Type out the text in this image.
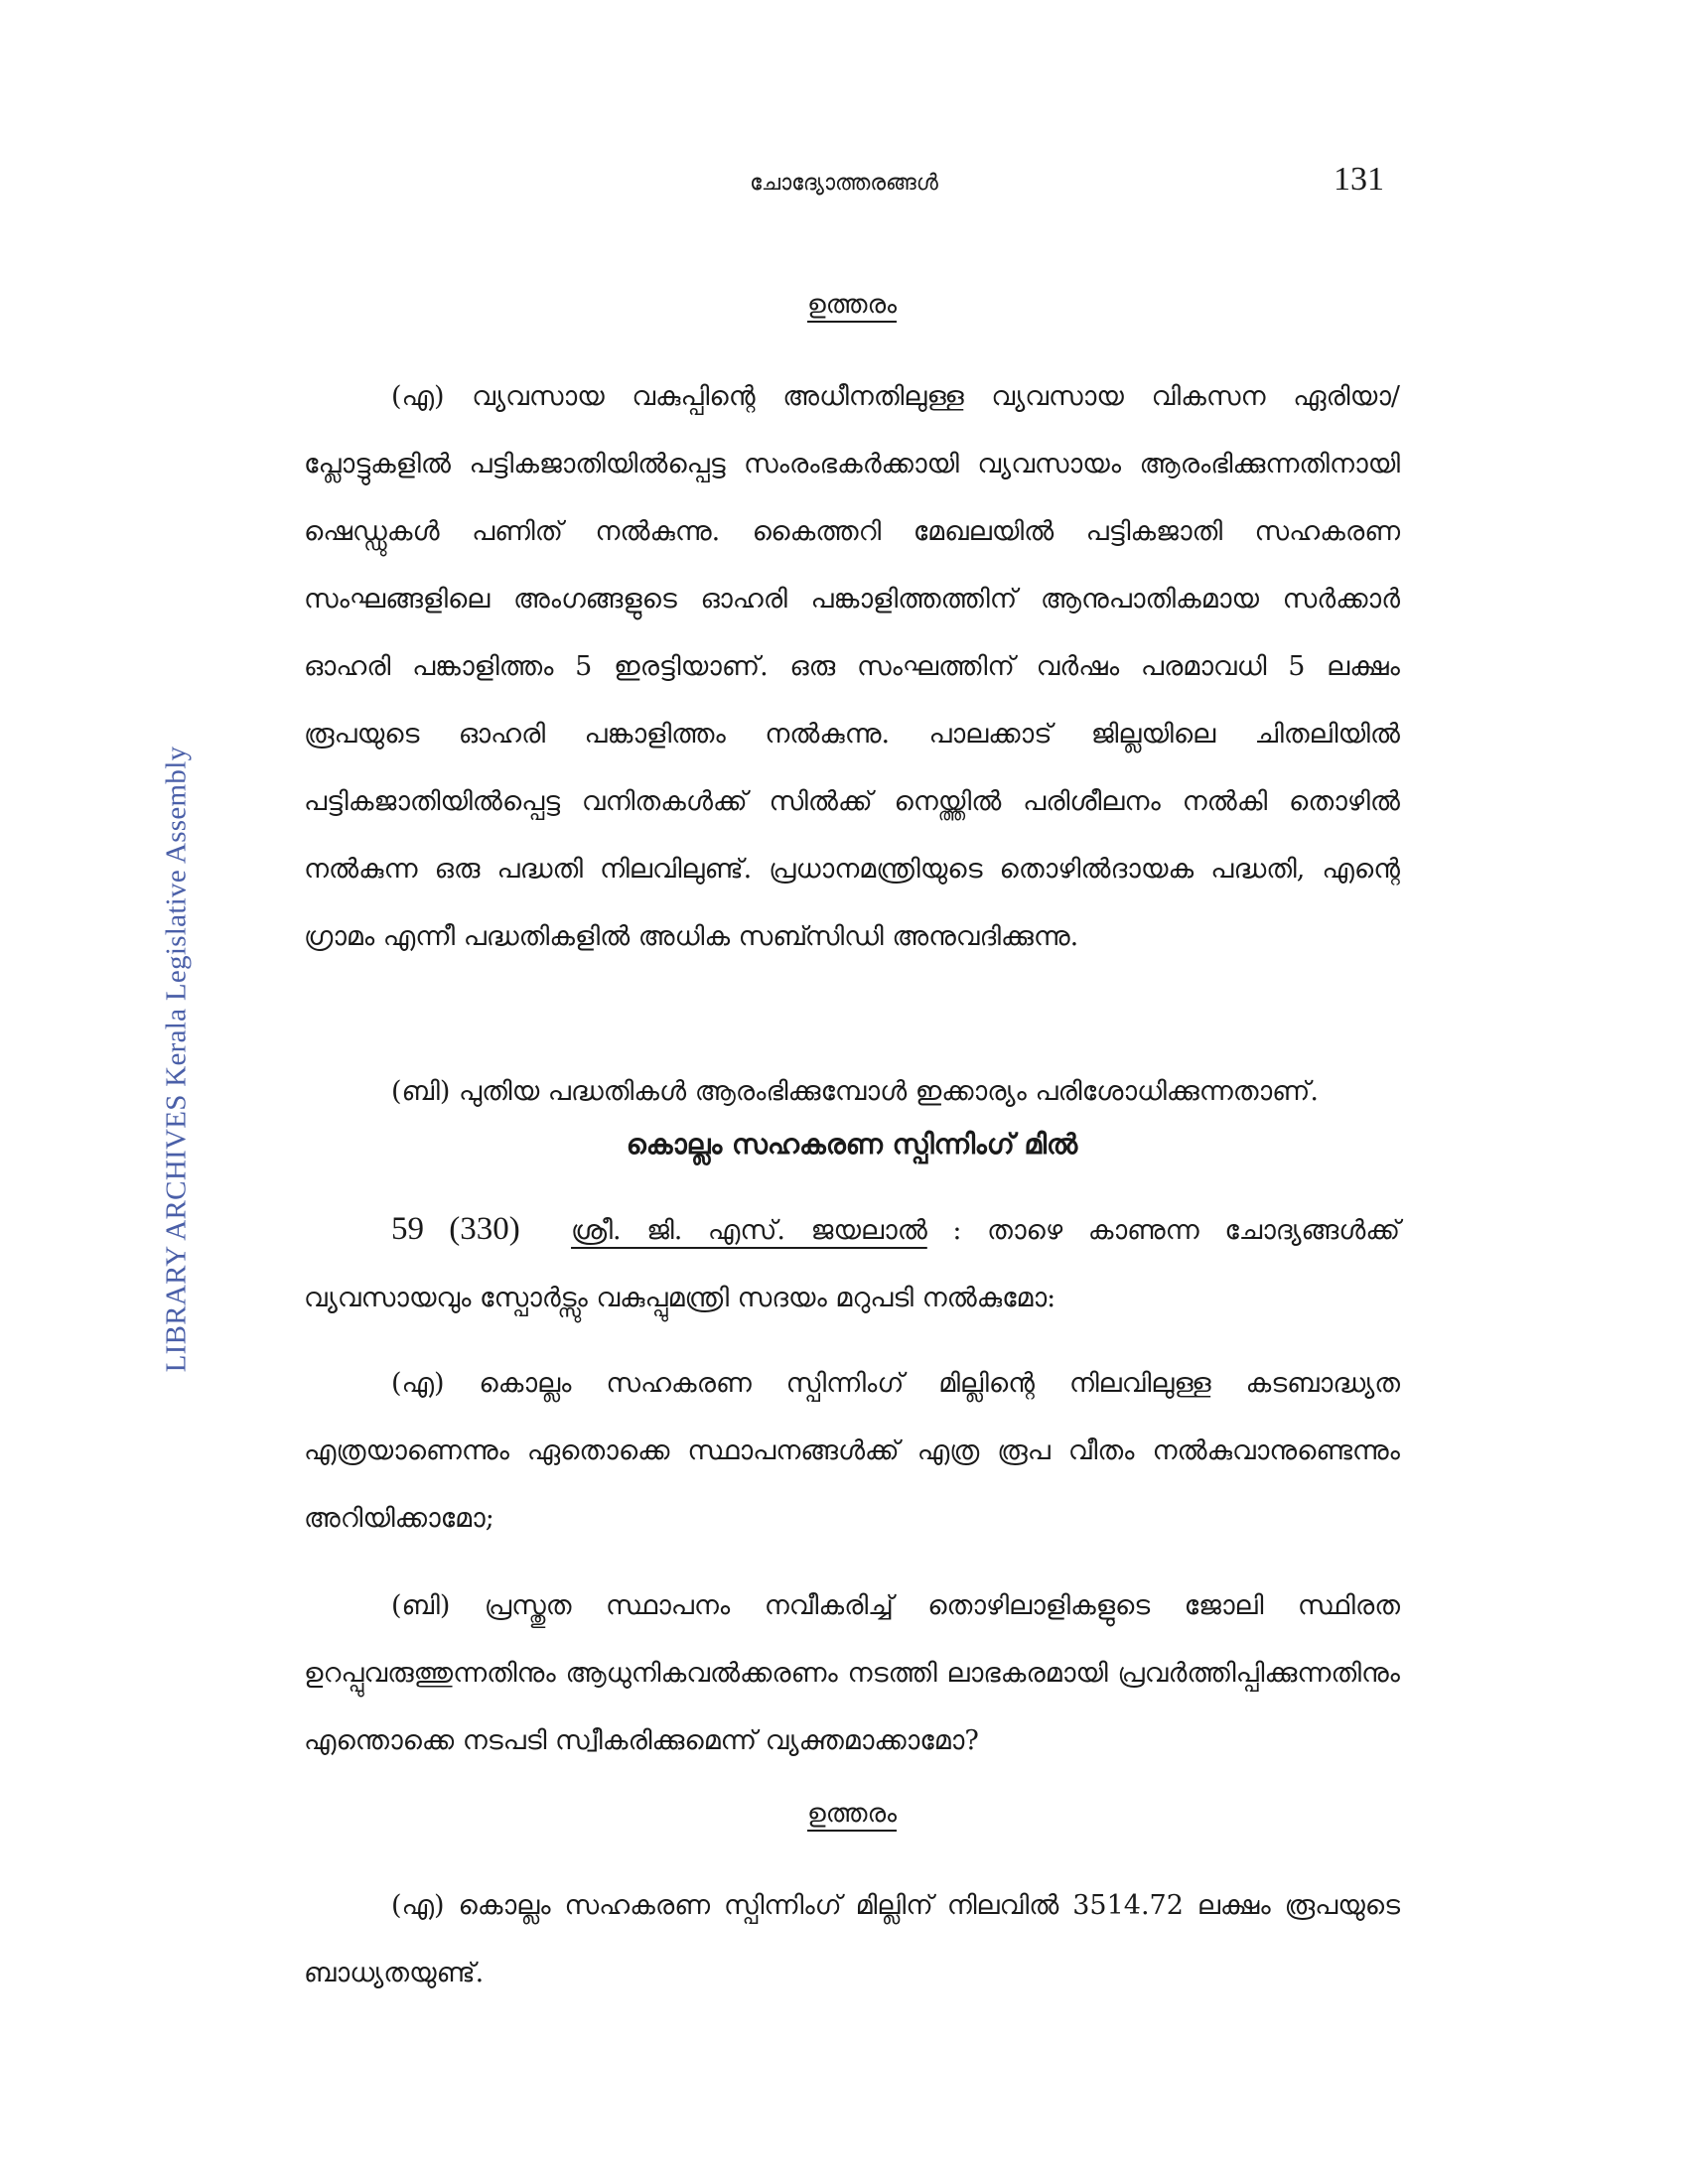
LIBRARY ARCHIVES Kerala Legislative Assembly
ചോദ്യോത്തരങ്ങൾ	131
ഉത്തരം

(എ) വ്യവസായ വകുപ്പിന്റെ അധീനതിലുള്ള വ്യവസായ വികസന ഏരിയാ/പ്ലോട്ടുകളിൽ പട്ടികജാതിയിൽപ്പെട്ട സംരംഭകർക്കായി വ്യവസായം ആരംഭിക്കുന്നതിനായി ഷെഡ്ഡുകൾ പണിത് നൽകുന്നു. കൈത്തറി മേഖലയിൽ പട്ടികജാതി സഹകരണ സംഘങ്ങളിലെ അംഗങ്ങളുടെ ഓഹരി പങ്കാളിത്തത്തിന് ആനുപാതികമായ സർക്കാർ ഓഹരി പങ്കാളിത്തം 5 ഇരട്ടിയാണ്. ഒരു സംഘത്തിന് വർഷം പരമാവധി 5 ലക്ഷം രൂപയുടെ ഓഹരി പങ്കാളിത്തം നൽകുന്നു. പാലക്കാട് ജില്ലയിലെ ചിതലിയിൽ പട്ടികജാതിയിൽപ്പെട്ട വനിതകൾക്ക് സിൽക്ക് നെയ്ത്തിൽ പരിശീലനം നൽകി തൊഴിൽ നൽകുന്ന ഒരു പദ്ധതി നിലവിലുണ്ട്. പ്രധാനമന്ത്രിയുടെ തൊഴിൽദായക പദ്ധതി, എന്റെ ഗ്രാമം എന്നീ പദ്ധതികളിൽ അധിക സബ്സിഡി അനുവദിക്കുന്നു.

(ബി) പുതിയ പദ്ധതികൾ ആരംഭിക്കുമ്പോൾ ഇക്കാര്യം പരിശോധിക്കുന്നതാണ്.

കൊല്ലം സഹകരണ സ്പിന്നിംഗ് മിൽ

59 (330) ശ്രീ. ജി. എസ്. ജയലാൽ : താഴെ കാണുന്ന ചോദ്യങ്ങൾക്ക് വ്യവസായവും സ്പോർട്സും വകുപ്പുമന്ത്രി സദയം മറുപടി നൽകുമോ:

(എ) കൊല്ലം സഹകരണ സ്പിന്നിംഗ് മില്ലിന്റെ നിലവിലുള്ള കടബാദ്ധ്യത എത്രയാണെന്നും ഏതൊക്കെ സ്ഥാപനങ്ങൾക്ക് എത്ര രൂപ വീതം നൽകുവാനുണ്ടെന്നും അറിയിക്കാമോ;

(ബി) പ്രസ്തുത സ്ഥാപനം നവീകരിച്ച് തൊഴിലാളികളുടെ ജോലി സ്ഥിരത ഉറപ്പുവരുത്തുന്നതിനും ആധുനികവൽക്കരണം നടത്തി ലാഭകരമായി പ്രവർത്തിപ്പിക്കുന്നതിനും എന്തൊക്കെ നടപടി സ്വീകരിക്കുമെന്ന് വ്യക്തമാക്കാമോ?

ഉത്തരം

(എ) കൊല്ലം സഹകരണ സ്പിന്നിംഗ് മില്ലിന് നിലവിൽ 3514.72 ലക്ഷം രൂപയുടെ ബാധ്യതയുണ്ട്.
